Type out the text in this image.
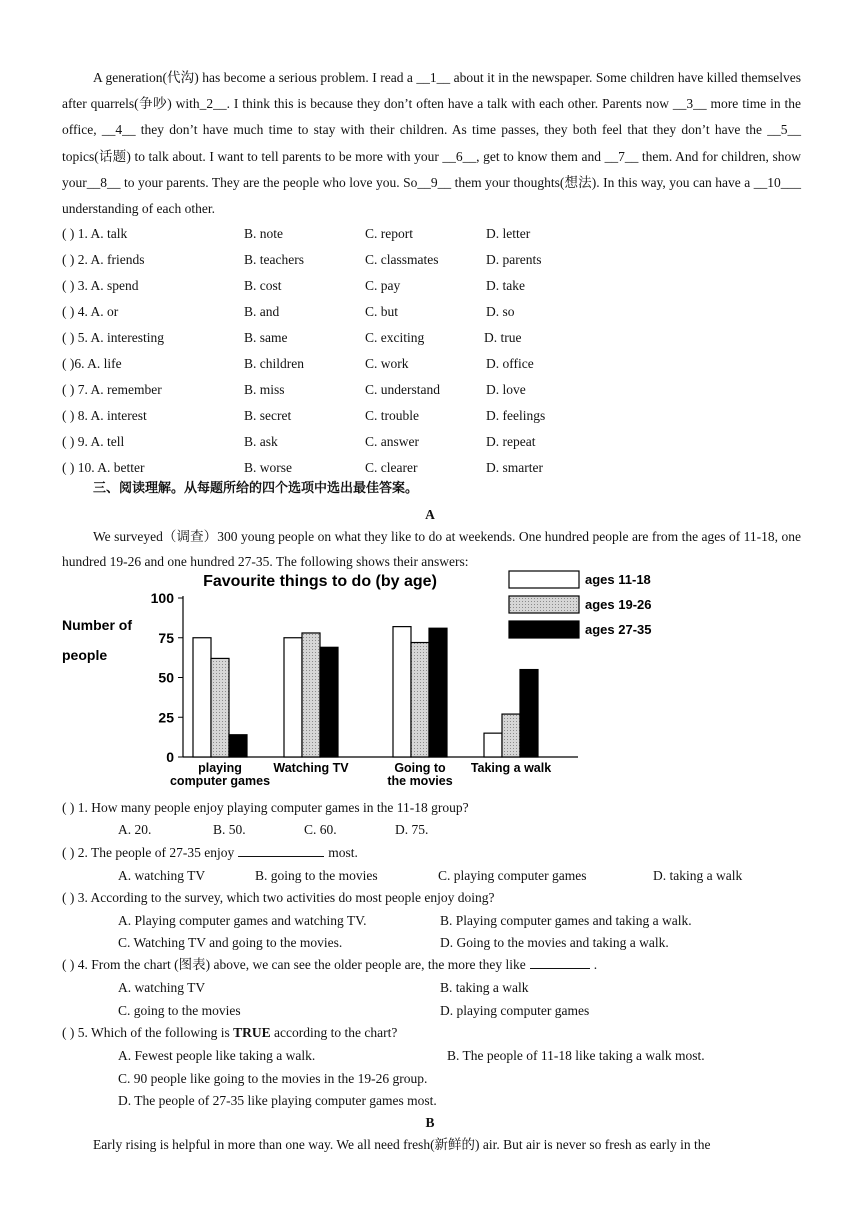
A generation(代沟) has become a serious problem. I read a __1__ about it in the newspaper. Some children have killed themselves after quarrels(争吵) with_2__. I think this is because they don’t often have a talk with each other. Parents now __3__ more time in the office, __4__ they don’t have much time to stay with their children. As time passes, they both feel that they don’t have the __5__ topics(话题) to talk about. I want to tell parents to be more with your __6__, get to know them and __7__ them. And for children, show your__8__ to your parents. They are the people who love you. So__9__ them your thoughts(想法). In this way, you can have a __10___ understanding of each other.
( ) 1. A. talk	B. note	C. report	D. letter
( ) 2. A. friends	B. teachers	C. classmates	D. parents
( ) 3. A. spend	B. cost	C. pay	D. take
( ) 4. A. or	B. and	C. but	D. so
( ) 5. A. interesting	B. same	C. exciting	D. true
( )6. A. life	B. children	C. work	D. office
( ) 7. A. remember	B. miss	C. understand	D. love
( ) 8. A. interest	B. secret	C. trouble	D. feelings
( ) 9. A. tell	B. ask	C. answer	D. repeat
( ) 10. A. better	B. worse	C. clearer	D. smarter
三、阅读理解。从每题所给的四个选项中选出最佳答案。
A
We surveyed（调查）300 young people on what they like to do at weekends. One hundred people are from the ages of 11-18, one hundred 19-26 and one hundred 27-35. The following shows their answers:
Favourite things to do (by age)
Number of
people
0
25
50
75
100
playing
computer games
Watching TV	Going to
the movies
Taking a walk
ages 11-18
ages 19-26
ages 27-35
( ) 1. How many people enjoy playing computer games in the 11-18 group?
A. 20.	B. 50.	C. 60.	D. 75.
( ) 2. The people of 27-35 enjoy	most.
A. watching TV	B. going to the movies	C. playing computer games	D. taking a walk
( ) 3. According to the survey, which two activities do most people enjoy doing?
A. Playing computer games and watching TV.	B. Playing computer games and taking a walk.
C. Watching TV and going to the movies.	D. Going to the movies and taking a walk.
( ) 4. From the chart (图表) above, we can see the older people are, the more they like	.
A. watching TV	B. taking a walk
C. going to the movies	D. playing computer games
( ) 5. Which of the following is TRUE according to the chart?
A. Fewest people like taking a walk.	B. The people of 11-18 like taking a walk most.
C. 90 people like going to the movies in the 19-26 group.
D. The people of 27-35 like playing computer games most.
B
Early rising is helpful in more than one way. We all need fresh(新鲜的) air. But air is never so fresh as early in the
